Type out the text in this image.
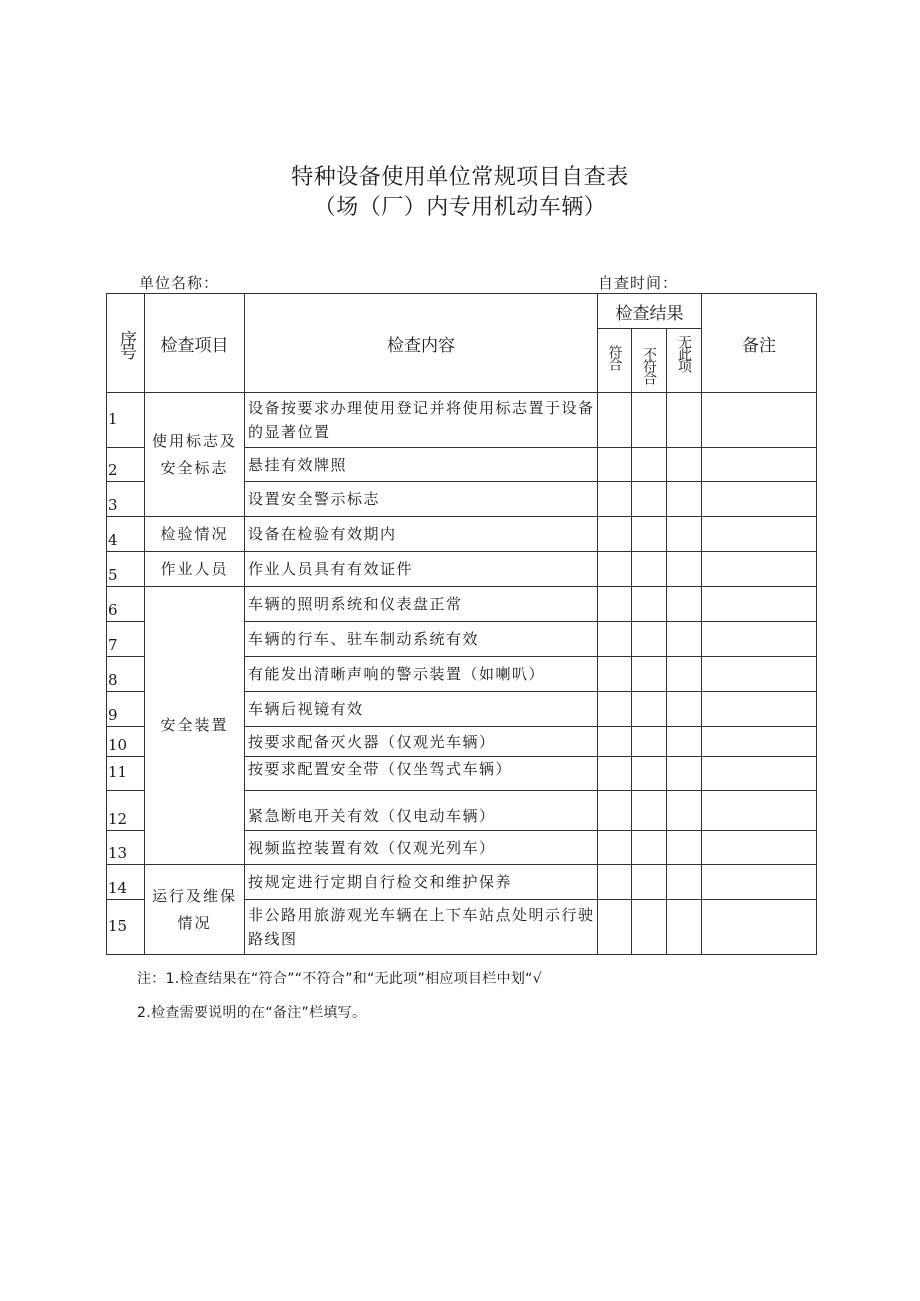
特种设备使用单位常规项目自查表
（场（厂）内专用机动车辆）
单位名称：	自查时间：
序号	检查项目	检查内容	检查结果			备注

			符合	不符合	无此项	

1	使用标志及安全标志	设备按要求办理使用登记并将使用标志置于设备的显著位置				
2		悬挂有效牌照				
3		设置安全警示标志				
4	检验情况	设备在检验有效期内				
5	作业人员	作业人员具有有效证件				
6	安全装置	车辆的照明系统和仪表盘正常				
7		车辆的行车、驻车制动系统有效				
8		有能发出清晰声响的警示装置（如喇叭）				
9		车辆后视镜有效				
10		按要求配备灭火器（仅观光车辆）				
11		按要求配置安全带（仅坐驾式车辆）				
12		紧急断电开关有效（仅电动车辆）				
13		视频监控装置有效（仅观光列车）				
14	运行及维保情况	按规定进行定期自行检交和维护保养				
15		非公路用旅游观光车辆在上下车站点处明示行驶路线图				
注：1.检查结果在“符合”“不符合”和“无此项”相应项目栏中划“√
2.检查需要说明的在“备注”栏填写。
